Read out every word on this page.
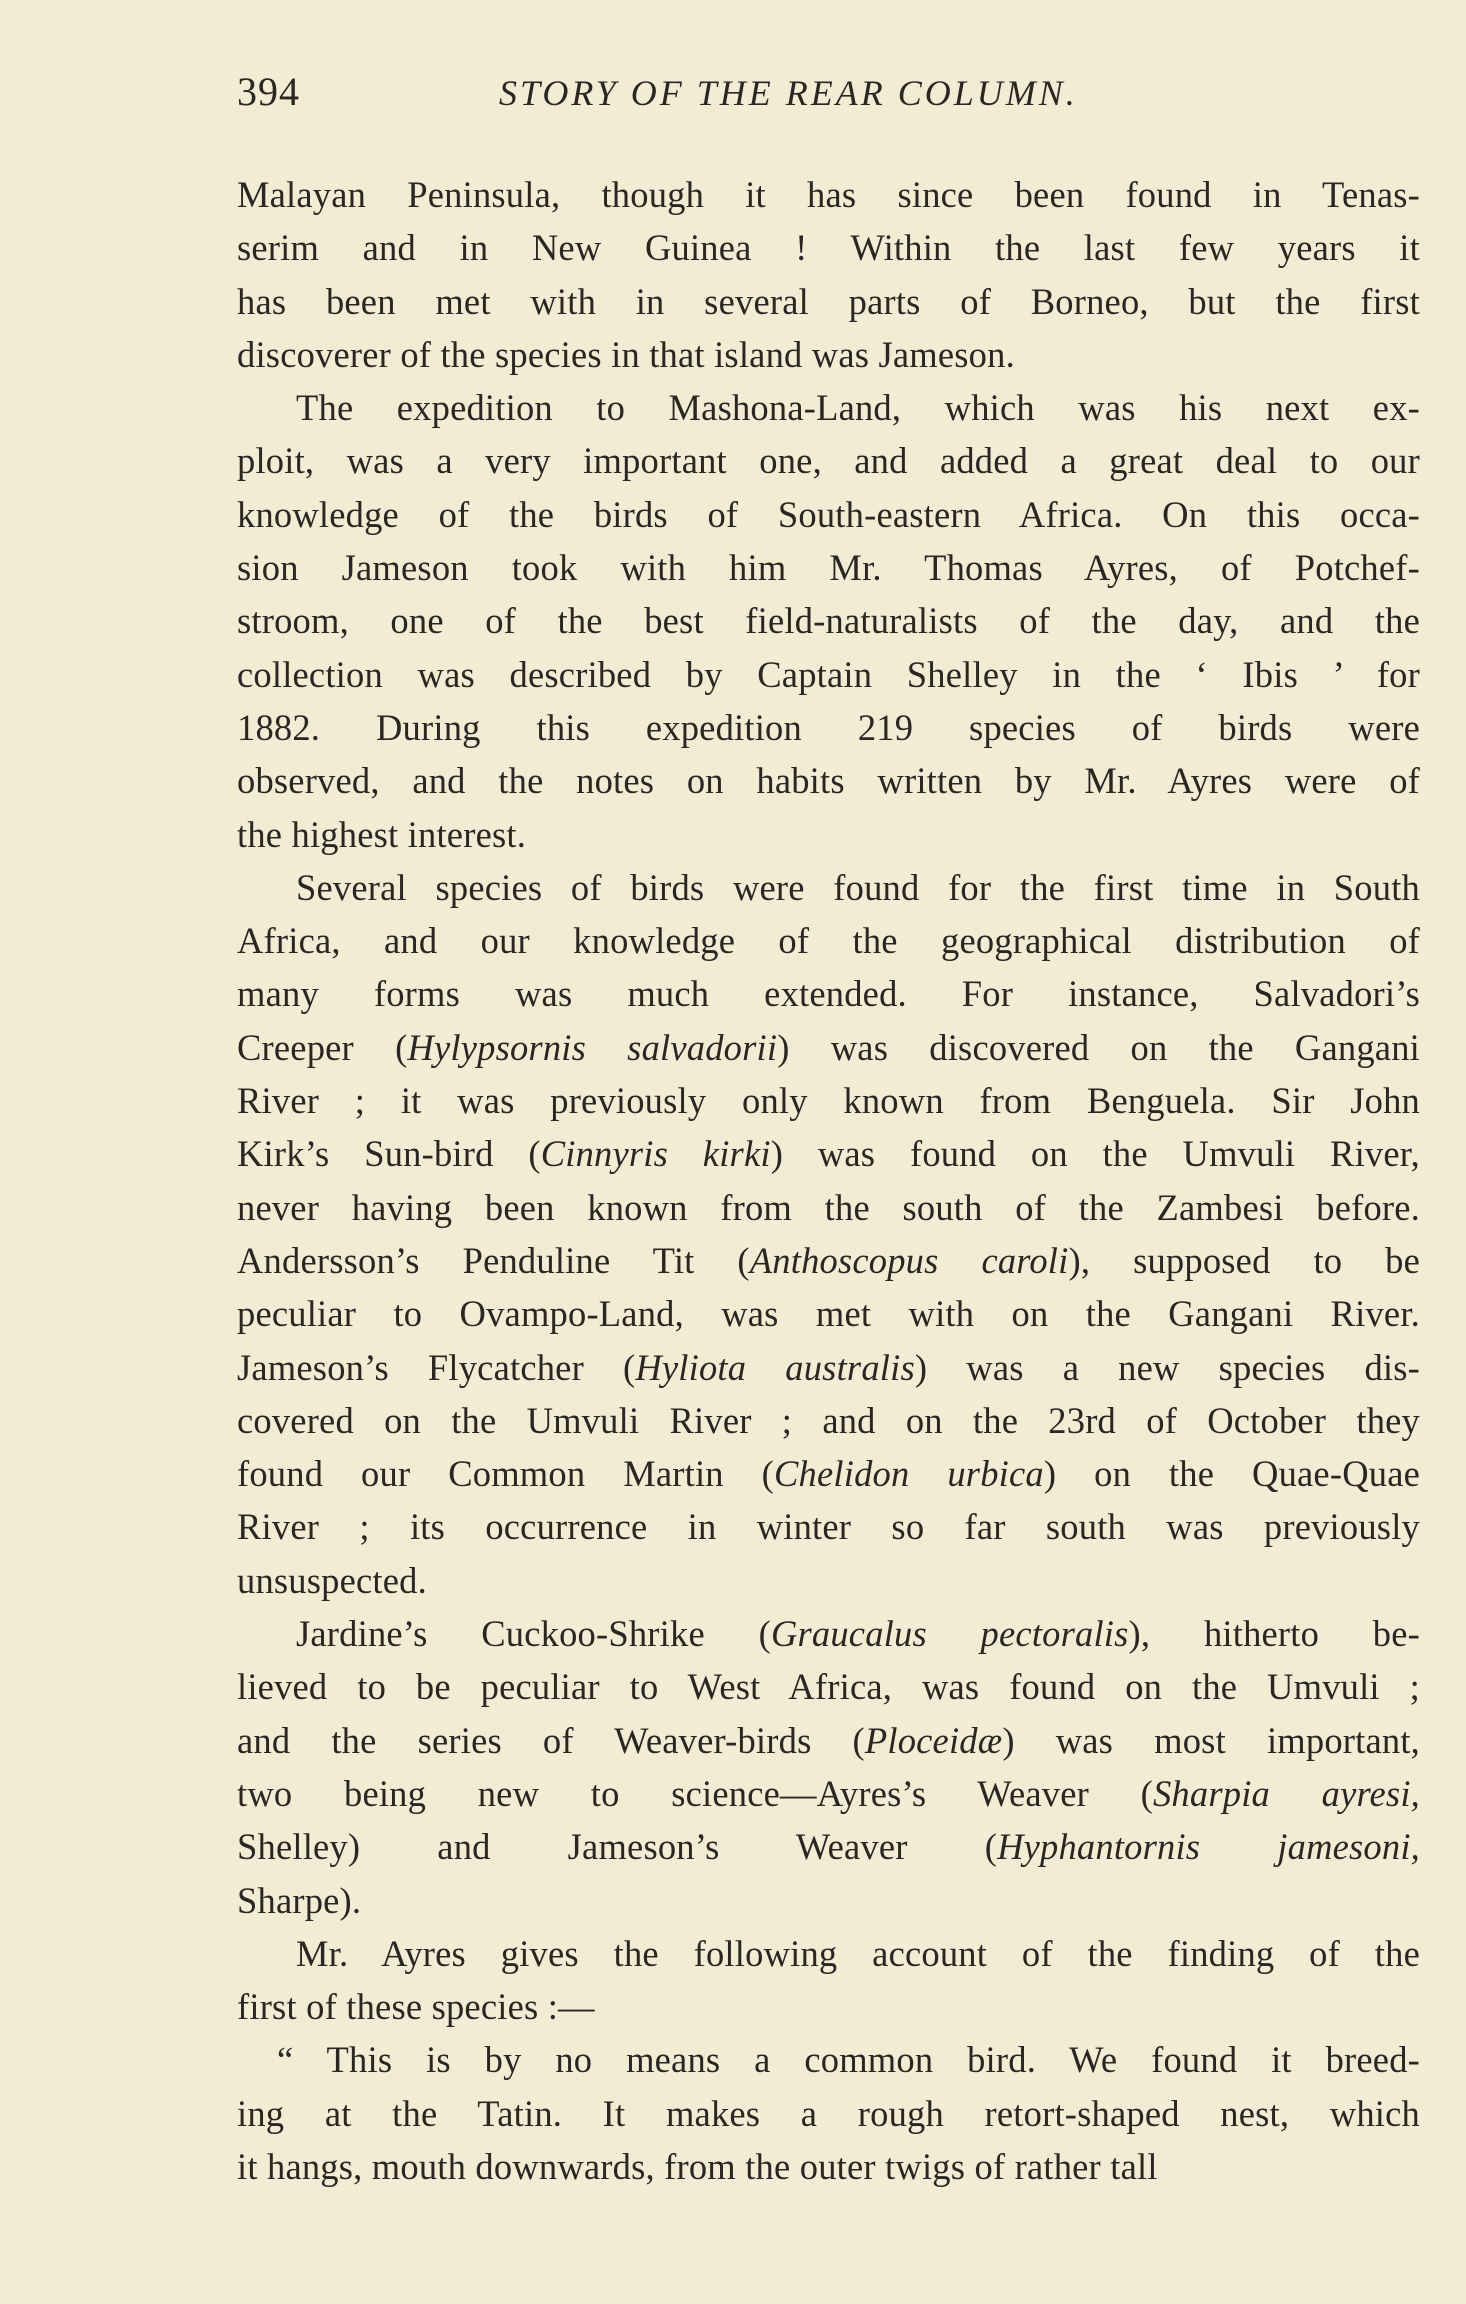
394	STORY OF THE REAR COLUMN.
Malayan Peninsula, though it has since been found in Tenas-
serim and in New Guinea ! Within the last few years it
has been met with in several parts of Borneo, but the first
discoverer of the species in that island was Jameson.
The expedition to Mashona-Land, which was his next ex-
ploit, was a very important one, and added a great deal to our
knowledge of the birds of South-eastern Africa. On this occa-
sion Jameson took with him Mr. Thomas Ayres, of Potchef-
stroom, one of the best field-naturalists of the day, and the
collection was described by Captain Shelley in the ‘ Ibis ’ for
1882. During this expedition 219 species of birds were
observed, and the notes on habits written by Mr. Ayres were of
the highest interest.
Several species of birds were found for the first time in South
Africa, and our knowledge of the geographical distribution of
many forms was much extended. For instance, Salvadori’s
Creeper (Hylypsornis salvadorii) was discovered on the Gangani
River ; it was previously only known from Benguela. Sir John
Kirk’s Sun-bird (Cinnyris kirki) was found on the Umvuli River,
never having been known from the south of the Zambesi before.
Andersson’s Penduline Tit (Anthoscopus caroli), supposed to be
peculiar to Ovampo-Land, was met with on the Gangani River.
Jameson’s Flycatcher (Hyliota australis) was a new species dis-
covered on the Umvuli River ; and on the 23rd of October they
found our Common Martin (Chelidon urbica) on the Quae-Quae
River ; its occurrence in winter so far south was previously
unsuspected.
Jardine’s Cuckoo-Shrike (Graucalus pectoralis), hitherto be-
lieved to be peculiar to West Africa, was found on the Umvuli ;
and the series of Weaver-birds (Ploceidæ) was most important,
two being new to science—Ayres’s Weaver (Sharpia ayresi,
Shelley) and Jameson’s Weaver (Hyphantornis jamesoni,
Sharpe).
Mr. Ayres gives the following account of the finding of the
first of these species :—
“ This is by no means a common bird. We found it breed-
ing at the Tatin. It makes a rough retort-shaped nest, which
it hangs, mouth downwards, from the outer twigs of rather tall
